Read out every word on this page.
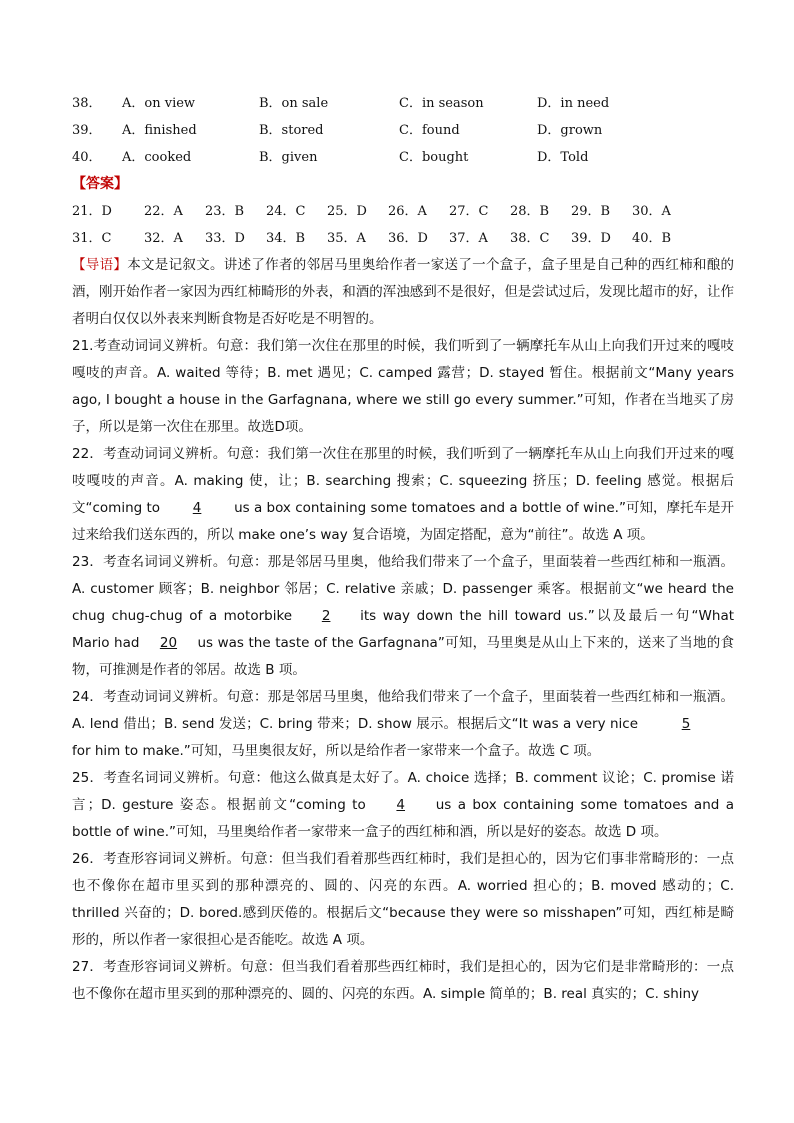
38．	A．on view	B．on sale	C．in season	D．in need
39．	A．finished	B．stored	C．found	D．grown
40．	A．cooked	B．given	C．bought	D．Told
【答案】
21．D	22．A	23．B	24．C	25．D	26．A	27．C	28．B	29．B	30．A
31．C	32．A	33．D	34．B	35．A	36．D	37．A	38．C	39．D	40．B

【导语】本文是记叙文。讲述了作者的邻居马里奥给作者一家送了一个盒子，盒子里是自己种的西红柿和酿的酒，刚开始作者一家因为西红柿畸形的外表，和酒的浑浊感到不是很好，但是尝试过后，发现比超市的好，让作者明白仅仅以外表来判断食物是否好吃是不明智的。

21.考查动词词义辨析。句意：我们第一次住在那里的时候，我们听到了一辆摩托车从山上向我们开过来的嘎吱嘎吱的声音。A. waited 等待；B. met 遇见；C. camped 露营；D. stayed 暂住。根据前文“Many years ago, I bought a house in the Garfagnana, where we still go every summer.”可知，作者在当地买了房子，所以是第一次住在那里。故选D项。

22．考查动词词义辨析。句意：我们第一次住在那里的时候，我们听到了一辆摩托车从山上向我们开过来的嘎吱嘎吱的声音。A. making 使，让；B. searching 搜索；C. squeezing 挤压；D. feeling 感觉。根据后文“coming to 4 us a box containing some tomatoes and a bottle of wine.”可知，摩托车是开过来给我们送东西的，所以 make one’s way 复合语境，为固定搭配，意为“前往”。故选 A 项。

23．考查名词词义辨析。句意：那是邻居马里奥，他给我们带来了一个盒子，里面装着一些西红柿和一瓶酒。A. customer 顾客；B. neighbor 邻居；C. relative 亲戚；D. passenger 乘客。根据前文“we heard the chug chug-chug of a motorbike 2 its way down the hill toward us.”以及最后一句“What Mario had 20 us was the taste of the Garfagnana”可知，马里奥是从山上下来的，送来了当地的食物，可推测是作者的邻居。故选 B 项。

24．考查动词词义辨析。句意：那是邻居马里奥，他给我们带来了一个盒子，里面装着一些西红柿和一瓶酒。A. lend 借出；B. send 发送；C. bring 带来；D. show 展示。根据后文“It was a very nice	5for him to make.”可知，马里奥很友好，所以是给作者一家带来一个盒子。故选 C 项。

25．考查名词词义辨析。句意：他这么做真是太好了。A. choice 选择；B. comment 议论；C. promise 诺言；D. gesture 姿态。根据前文“coming to 4 us a box containing some tomatoes and a bottle of wine.”可知，马里奥给作者一家带来一盒子的西红柿和酒，所以是好的姿态。故选 D 项。

26．考查形容词词义辨析。句意：但当我们看着那些西红柿时，我们是担心的，因为它们事非常畸形的：一点也不像你在超市里买到的那种漂亮的、圆的、闪亮的东西。A. worried 担心的；B. moved 感动的；C. thrilled 兴奋的；D. bored.感到厌倦的。根据后文“because they were so misshapen”可知，西红柿是畸形的，所以作者一家很担心是否能吃。故选 A 项。

27．考查形容词词义辨析。句意：但当我们看着那些西红柿时，我们是担心的，因为它们是非常畸形的：一点也不像你在超市里买到的那种漂亮的、圆的、闪亮的东西。A. simple 简单的；B. real 真实的；C. shiny
